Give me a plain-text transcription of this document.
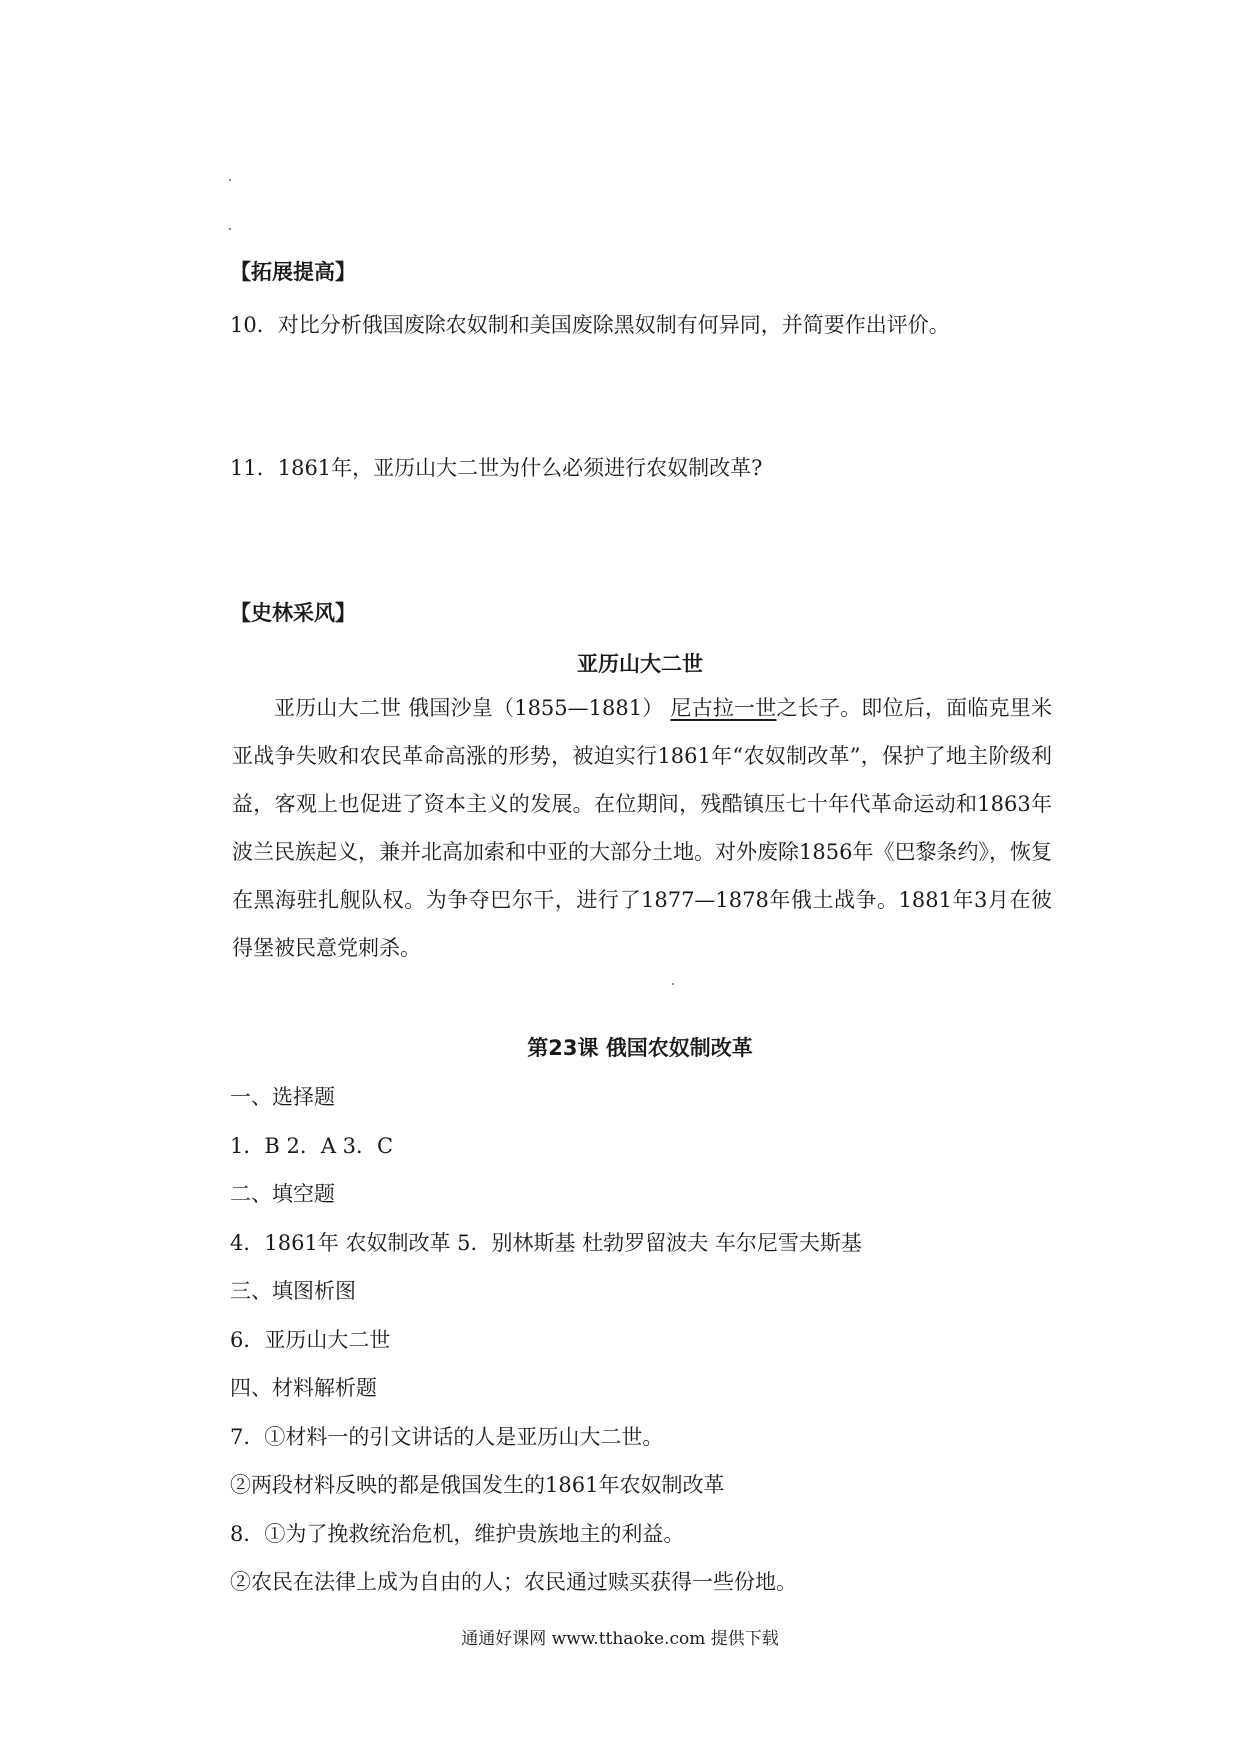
【拓展提高】
10．对比分析俄国废除农奴制和美国废除黑奴制有何异同，并简要作出评价。
11．1861年，亚历山大二世为什么必须进行农奴制改革?
【史林采风】
亚历山大二世
亚历山大二世 俄国沙皇（1855—1881） 尼古拉一世之长子。即位后，面临克里米亚战争失败和农民革命高涨的形势，被迫实行1861年“农奴制改革”，保护了地主阶级利益，客观上也促进了资本主义的发展。在位期间，残酷镇压七十年代革命运动和1863年波兰民族起义，兼并北高加索和中亚的大部分土地。对外废除1856年《巴黎条约》，恢复在黑海驻扎舰队权。为争夺巴尔干，进行了1877—1878年俄土战争。1881年3月在彼得堡被民意党刺杀。
第23课 俄国农奴制改革
一、选择题
1．B 2．A 3．C
二、填空题
4．1861年 农奴制改革 5．别林斯基 杜勃罗留波夫 车尔尼雪夫斯基
三、填图析图
6．亚历山大二世
四、材料解析题
7．①材料一的引文讲话的人是亚历山大二世。
②两段材料反映的都是俄国发生的1861年农奴制改革
8．①为了挽救统治危机，维护贵族地主的利益。
②农民在法律上成为自由的人；农民通过赎买获得一些份地。
通通好课网 www.tthaoke.com 提供下载
